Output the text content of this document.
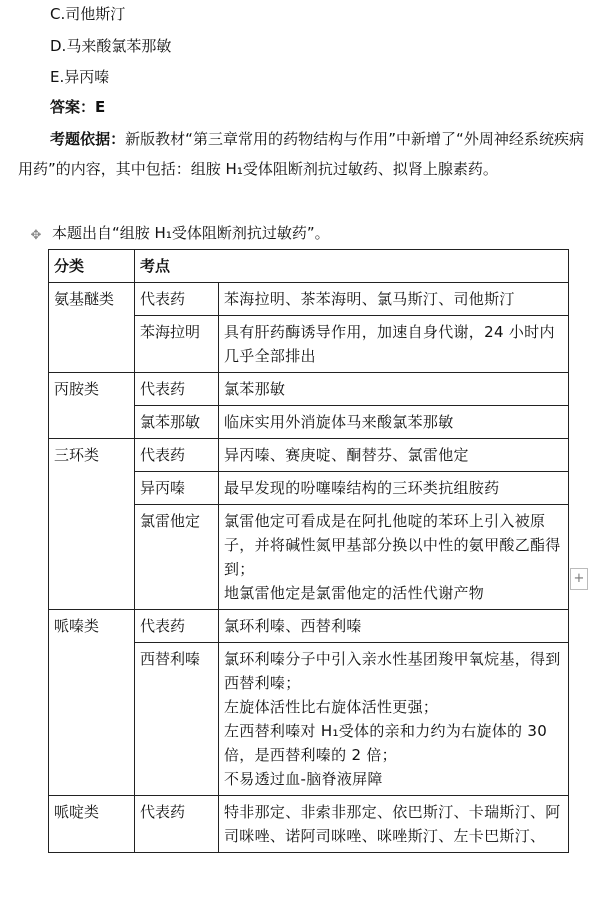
C.司他斯汀
D.马来酸氯苯那敏
E.异丙嗪
答案：E
考题依据：新版教材“第三章常用的药物结构与作用”中新增了“外周神经系统疾病用药”的内容，其中包括：组胺 H₁受体阻断剂抗过敏药、拟肾上腺素药。
✥ 本题出自“组胺 H₁受体阻断剂抗过敏药”。
分类	考点	
氨基醚类	代表药	苯海拉明、茶苯海明、氯马斯汀、司他斯汀

	苯海拉明	具有肝药酶诱导作用，加速自身代谢，24 小时内几乎全部排出

丙胺类	代表药	氯苯那敏

	氯苯那敏	临床实用外消旋体马来酸氯苯那敏

三环类	代表药	异丙嗪、赛庚啶、酮替芬、氯雷他定

	异丙嗪	最早发现的吩噻嗪结构的三环类抗组胺药

	氯雷他定	氯雷他定可看成是在阿扎他啶的苯环上引入被原子，并将碱性氮甲基部分换以中性的氨甲酸乙酯得到；
地氯雷他定是氯雷他定的活性代谢产物

哌嗪类	代表药	氯环利嗪、西替利嗪

	西替利嗪	氯环利嗪分子中引入亲水性基团羧甲氧烷基，得到西替利嗪；
左旋体活性比右旋体活性更强；
左西替利嗪对 H₁受体的亲和力约为右旋体的 30 倍，是西替利嗪的 2 倍；
不易透过血-脑脊液屏障

哌啶类	代表药	特非那定、非索非那定、依巴斯汀、卡瑞斯汀、阿司咪唑、诺阿司咪唑、咪唑斯汀、左卡巴斯汀、
+
